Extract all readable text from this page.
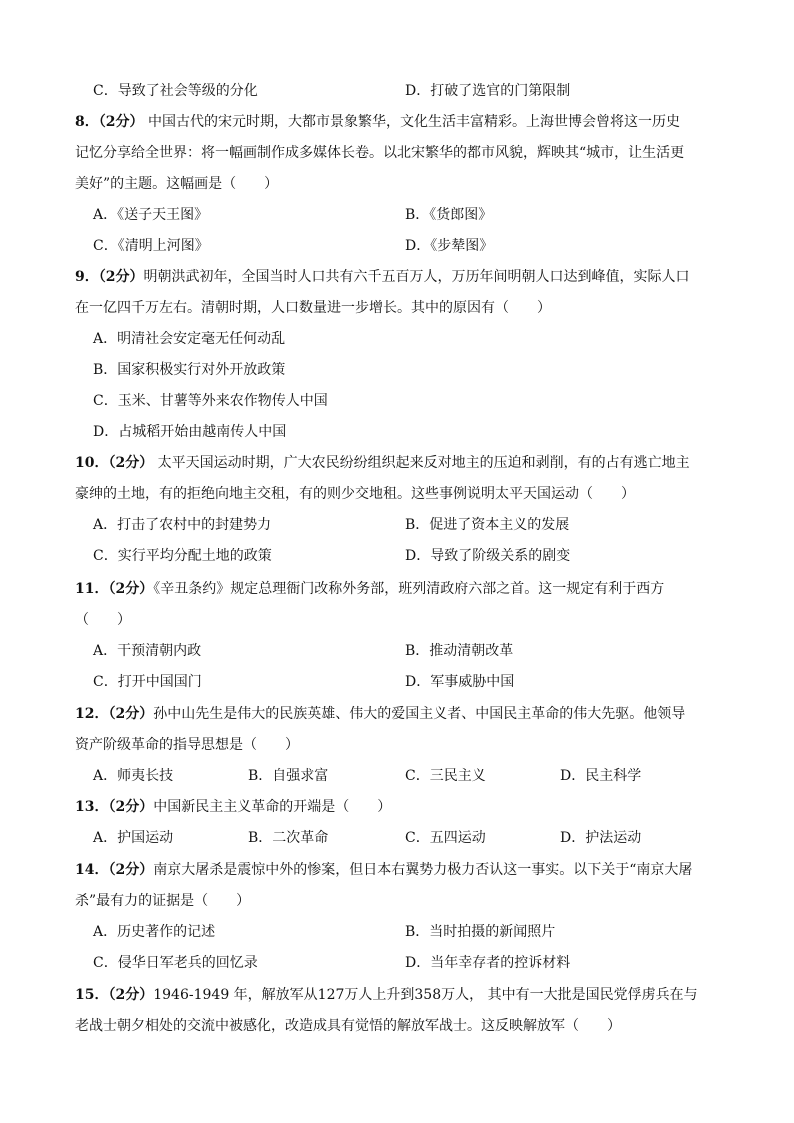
C．导致了社会等级的分化	D．打破了选官的门第限制
8．（2分） 中国古代的宋元时期，大都市景象繁华，文化生活丰富精彩。上海世博会曾将这一历史
记忆分享给全世界：将一幅画制作成多媒体长卷。以北宋繁华的都市风貌，辉映其“城市，让生活更
美好”的主题。这幅画是（　　）
A．《送子天王图》	B．《货郎图》
C．《清明上河图》	D．《步辇图》
9．（2分）明朝洪武初年，全国当时人口共有六千五百万人，万历年间明朝人口达到峰值，实际人口
在一亿四千万左右。清朝时期，人口数量进一步增长。其中的原因有（　　）
A．明清社会安定毫无任何动乱
B．国家积极实行对外开放政策
C．玉米、甘薯等外来农作物传人中国
D．占城稻开始由越南传人中国
10．（2分） 太平天国运动时期，广大农民纷纷组织起来反对地主的压迫和剥削，有的占有逃亡地主
豪绅的土地，有的拒绝向地主交租，有的则少交地租。这些事例说明太平天国运动（　　）
A．打击了农村中的封建势力	B．促进了资本主义的发展
C．实行平均分配土地的政策	D．导致了阶级关系的剧变
11．（2分）《辛丑条约》规定总理衙门改称外务部，班列清政府六部之首。这一规定有利于西方
（　　）
A．干预清朝内政	B．推动清朝改革
C．打开中国国门	D．军事威胁中国
12．（2分）孙中山先生是伟大的民族英雄、伟大的爱国主义者、中国民主革命的伟大先驱。他领导
资产阶级革命的指导思想是（　　）
A．师夷长技	B．自强求富	C．三民主义	D．民主科学
13．（2分）中国新民主主义革命的开端是（　　）
A．护国运动	B．二次革命	C．五四运动	D．护法运动
14．（2分）南京大屠杀是震惊中外的惨案，但日本右翼势力极力否认这一事实。以下关于“南京大屠
杀”最有力的证据是（　　）
A．历史著作的记述	B．当时拍摄的新闻照片
C．侵华日军老兵的回忆录	D．当年幸存者的控诉材料
15．（2分）1946-1949 年，解放军从127万人上升到358万人， 其中有一大批是国民党俘虏兵在与
老战士朝夕相处的交流中被感化，改造成具有觉悟的解放军战士。这反映解放军（　　）
